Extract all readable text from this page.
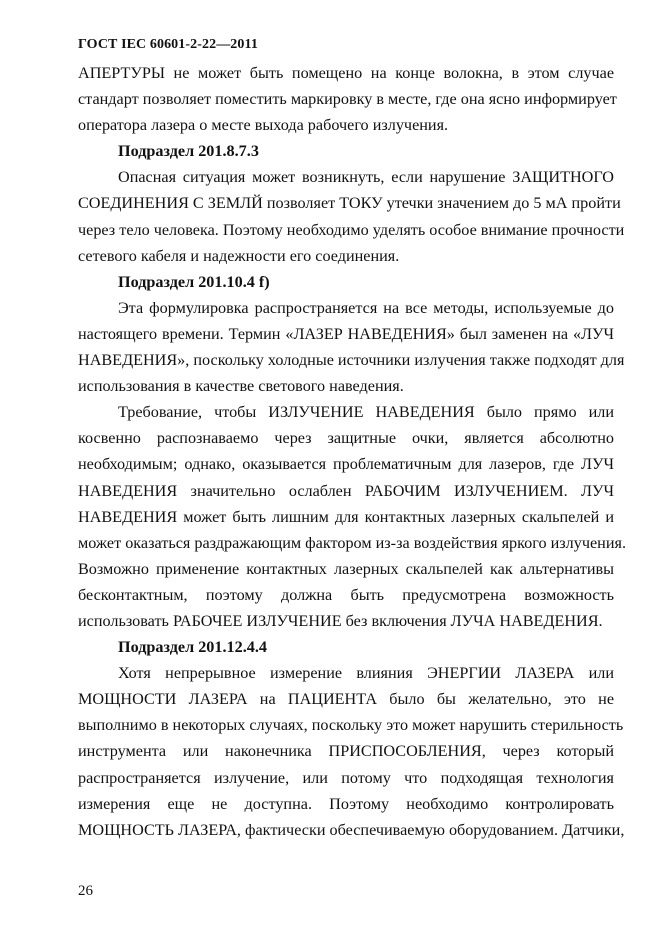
ГОСТ IEC 60601-2-22—2011
АПЕРТУРЫ не может быть помещено на конце волокна, в этом случае
стандарт позволяет поместить маркировку в месте, где она ясно информирует
оператора лазера о месте выхода рабочего излучения.
Подраздел 201.8.7.3
Опасная ситуация может возникнуть, если нарушение ЗАЩИТНОГО
СОЕДИНЕНИЯ С ЗЕМЛЙ позволяет ТОКУ утечки значением до 5 мА пройти
через тело человека. Поэтому необходимо уделять особое внимание прочности
сетевого кабеля и надежности его соединения.
Подраздел 201.10.4 f)
Эта формулировка распространяется на все методы, используемые до
настоящего времени. Термин «ЛАЗЕР НАВЕДЕНИЯ» был заменен на «ЛУЧ
НАВЕДЕНИЯ», поскольку холодные источники излучения также подходят для
использования в качестве светового наведения.
Требование, чтобы ИЗЛУЧЕНИЕ НАВЕДЕНИЯ было прямо или
косвенно распознаваемо через защитные очки, является абсолютно
необходимым; однако, оказывается проблематичным для лазеров, где ЛУЧ
НАВЕДЕНИЯ значительно ослаблен РАБОЧИМ ИЗЛУЧЕНИЕМ. ЛУЧ
НАВЕДЕНИЯ может быть лишним для контактных лазерных скальпелей и
может оказаться раздражающим фактором из-за воздействия яркого излучения.
Возможно применение контактных лазерных скальпелей как альтернативы
бесконтактным, поэтому должна быть предусмотрена возможность
использовать РАБОЧЕЕ ИЗЛУЧЕНИЕ без включения ЛУЧА НАВЕДЕНИЯ.
Подраздел 201.12.4.4
Хотя непрерывное измерение влияния ЭНЕРГИИ ЛАЗЕРА или
МОЩНОСТИ ЛАЗЕРА на ПАЦИЕНТА было бы желательно, это не
выполнимо в некоторых случаях, поскольку это может нарушить стерильность
инструмента или наконечника ПРИСПОСОБЛЕНИЯ, через который
распространяется излучение, или потому что подходящая технология
измерения еще не доступна. Поэтому необходимо контролировать
МОЩНОСТЬ ЛАЗЕРА, фактически обеспечиваемую оборудованием. Датчики,
26
